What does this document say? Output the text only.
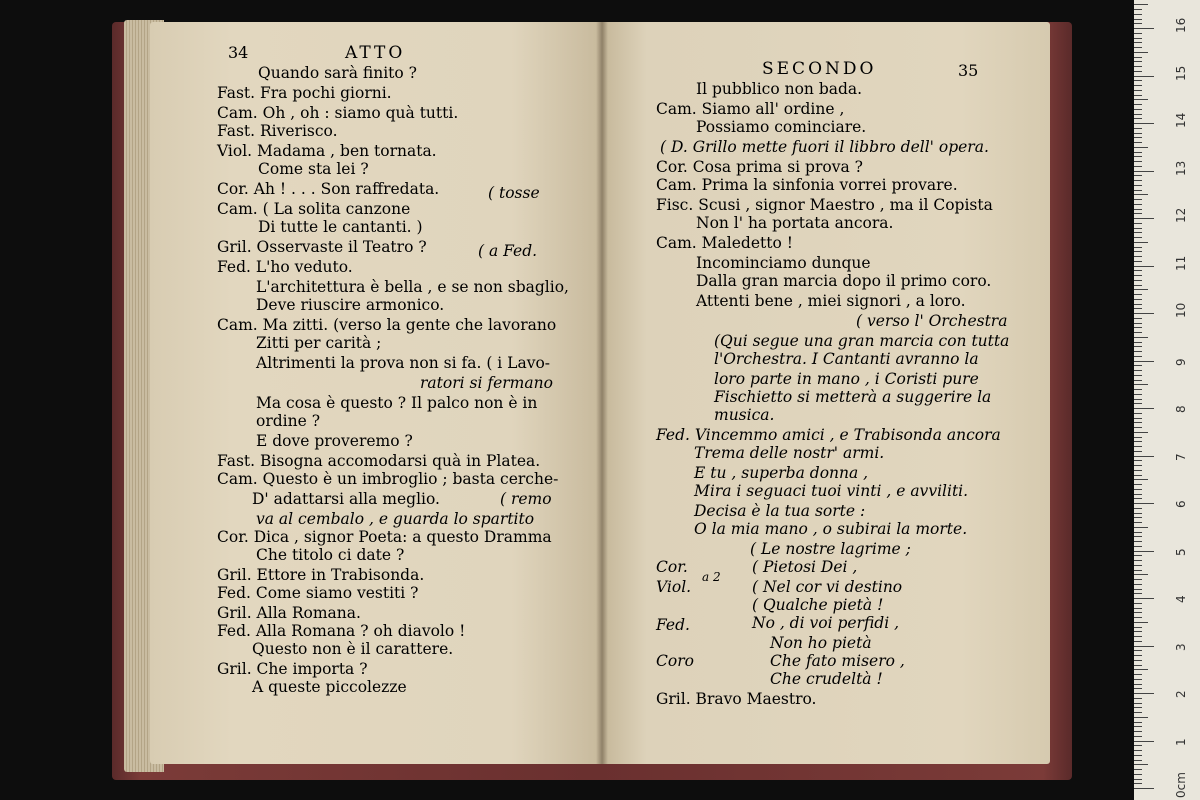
34	ATTO
Quando sarà finito ?
Fast. Fra pochi giorni.
Cam. Oh , oh : siamo quà tutti.
Fast. Riverisco.
Viol. Madama , ben tornata.
Come sta lei ?
Cor. Ah ! . . . Son raffredata.	( tosse
Cam. ( La solita canzone
Di tutte le cantanti. )
Gril. Osservaste il Teatro ?	( a Fed.
Fed. L'ho veduto.
L'architettura è bella , e se non sbaglio,
Deve riuscire armonico.
Cam. Ma zitti. (verso la gente che lavorano
Zitti per carità ;
Altrimenti la prova non si fa. ( i Lavo-
ratori si fermano
Ma cosa è questo ? Il palco non è in
ordine ?
E dove proveremo ?
Fast. Bisogna accomodarsi quà in Platea.
Cam. Questo è un imbroglio ; basta cerche-
D' adattarsi alla meglio.	( remo
va al cembalo , e guarda lo spartito
Cor. Dica , signor Poeta: a questo Dramma
Che titolo ci date ?
Gril. Ettore in Trabisonda.
Fed. Come siamo vestiti ?
Gril. Alla Romana.
Fed. Alla Romana ? oh diavolo !
Questo non è il carattere.
Gril. Che importa ?
A queste piccolezze
SECONDO	35
Il pubblico non bada.
Cam. Siamo all' ordine ,
Possiamo cominciare.
( D. Grillo mette fuori il libbro dell' opera.
Cor. Cosa prima si prova ?
Cam. Prima la sinfonia vorrei provare.
Fisc. Scusi , signor Maestro , ma il Copista
Non l' ha portata ancora.
Cam. Maledetto !
Incominciamo dunque
Dalla gran marcia dopo il primo coro.
Attenti bene , miei signori , a loro.
( verso l' Orchestra
(Qui segue una gran marcia con tutta
l'Orchestra. I Cantanti avranno la
loro parte in mano , i Coristi pure
Fischietto si metterà a suggerire la
musica.
Fed. Vincemmo amici , e Trabisonda ancora
Trema delle nostr' armi.
E tu , superba donna ,
Mira i seguaci tuoi vinti , e avviliti.
Decisa è la tua sorte :
O la mia mano , o subirai la morte.
( Le nostre lagrime ;
Cor.	( Pietosi Dei ,
Viol.
a 2
( Nel cor vi destino
( Qualche pietà !
Fed.	No , di voi perfidi ,
Non ho pietà
Coro	Che fato misero ,
Che crudeltà !
Gril. Bravo Maestro.
0cm
1
2
3
4
5
6
7
8
9
10
11
12
13
14
15
16
